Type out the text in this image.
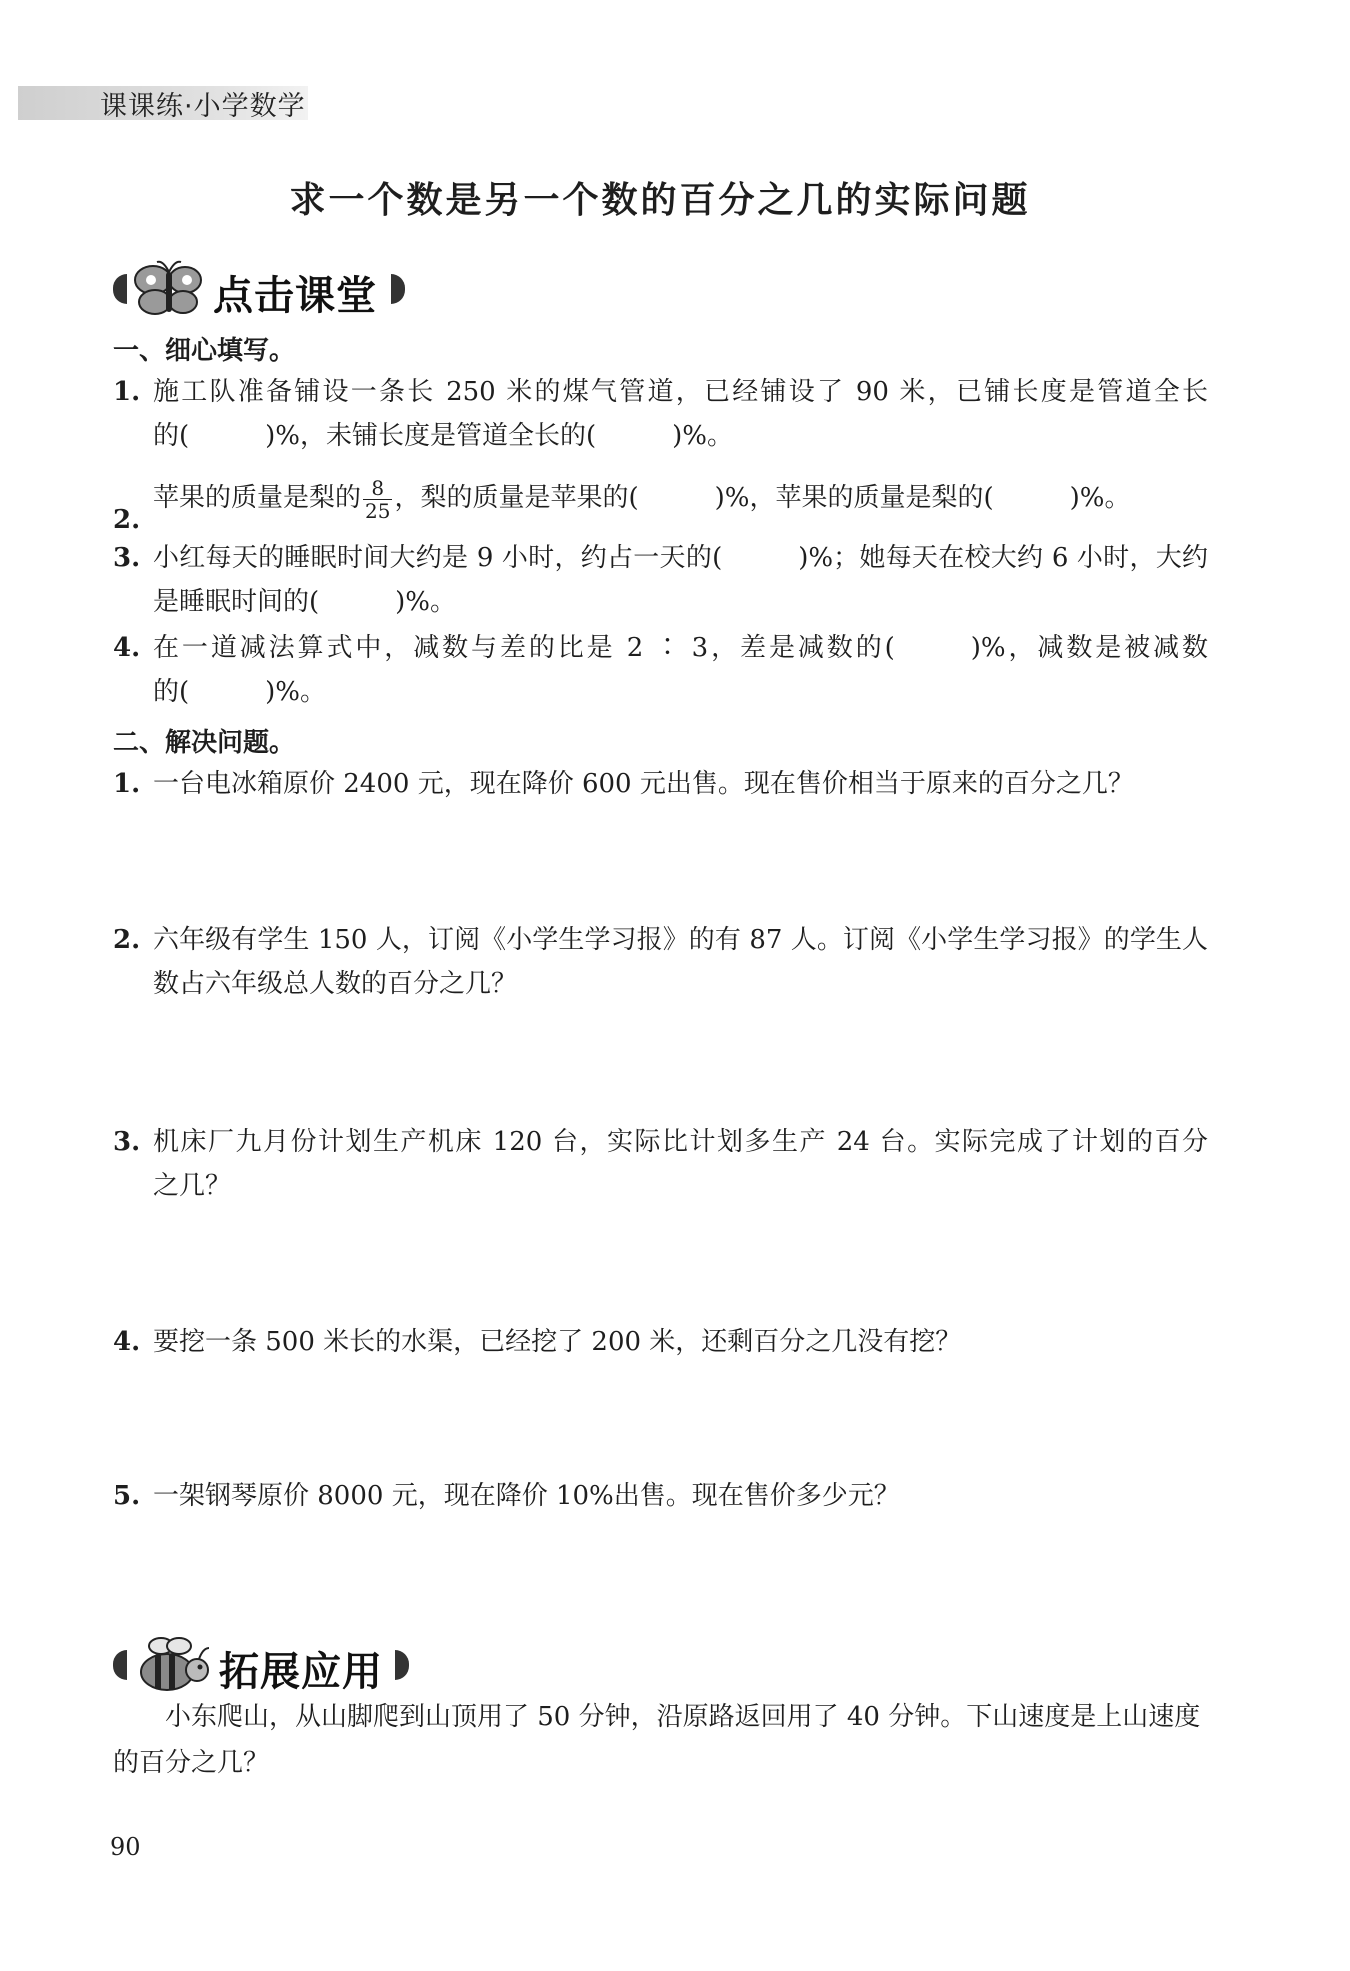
课课练·小学数学
求一个数是另一个数的百分之几的实际问题
点击课堂
一、细心填写。
1. 施工队准备铺设一条长 250 米的煤气管道，已经铺设了 90 米，已铺长度是管道全长
的(	)%，未铺长度是管道全长的(	)%。
2.
苹果的质量是梨的 $\frac{8}{25}$ ，梨的质量是苹果的(	)%，苹果的质量是梨的(	)%。
3. 小红每天的睡眠时间大约是 9 小时，约占一天的(	)%；她每天在校大约 6 小时，大约
是睡眠时间的(	)%。
4. 在一道减法算式中，减数与差的比是 2 ∶ 3，差是减数的(	)%，减数是被减数
的(	)%。
二、解决问题。
1. 一台电冰箱原价 2400 元，现在降价 600 元出售。现在售价相当于原来的百分之几？
2. 六年级有学生 150 人，订阅《小学生学习报》的有 87 人。订阅《小学生学习报》的学生人
数占六年级总人数的百分之几？
3. 机床厂九月份计划生产机床 120 台，实际比计划多生产 24 台。实际完成了计划的百分
之几？
4. 要挖一条 500 米长的水渠，已经挖了 200 米，还剩百分之几没有挖？
5. 一架钢琴原价 8000 元，现在降价 10%出售。现在售价多少元？
拓展应用
小东爬山，从山脚爬到山顶用了 50 分钟，沿原路返回用了 40 分钟。下山速度是上山速度的百分之几？
90
